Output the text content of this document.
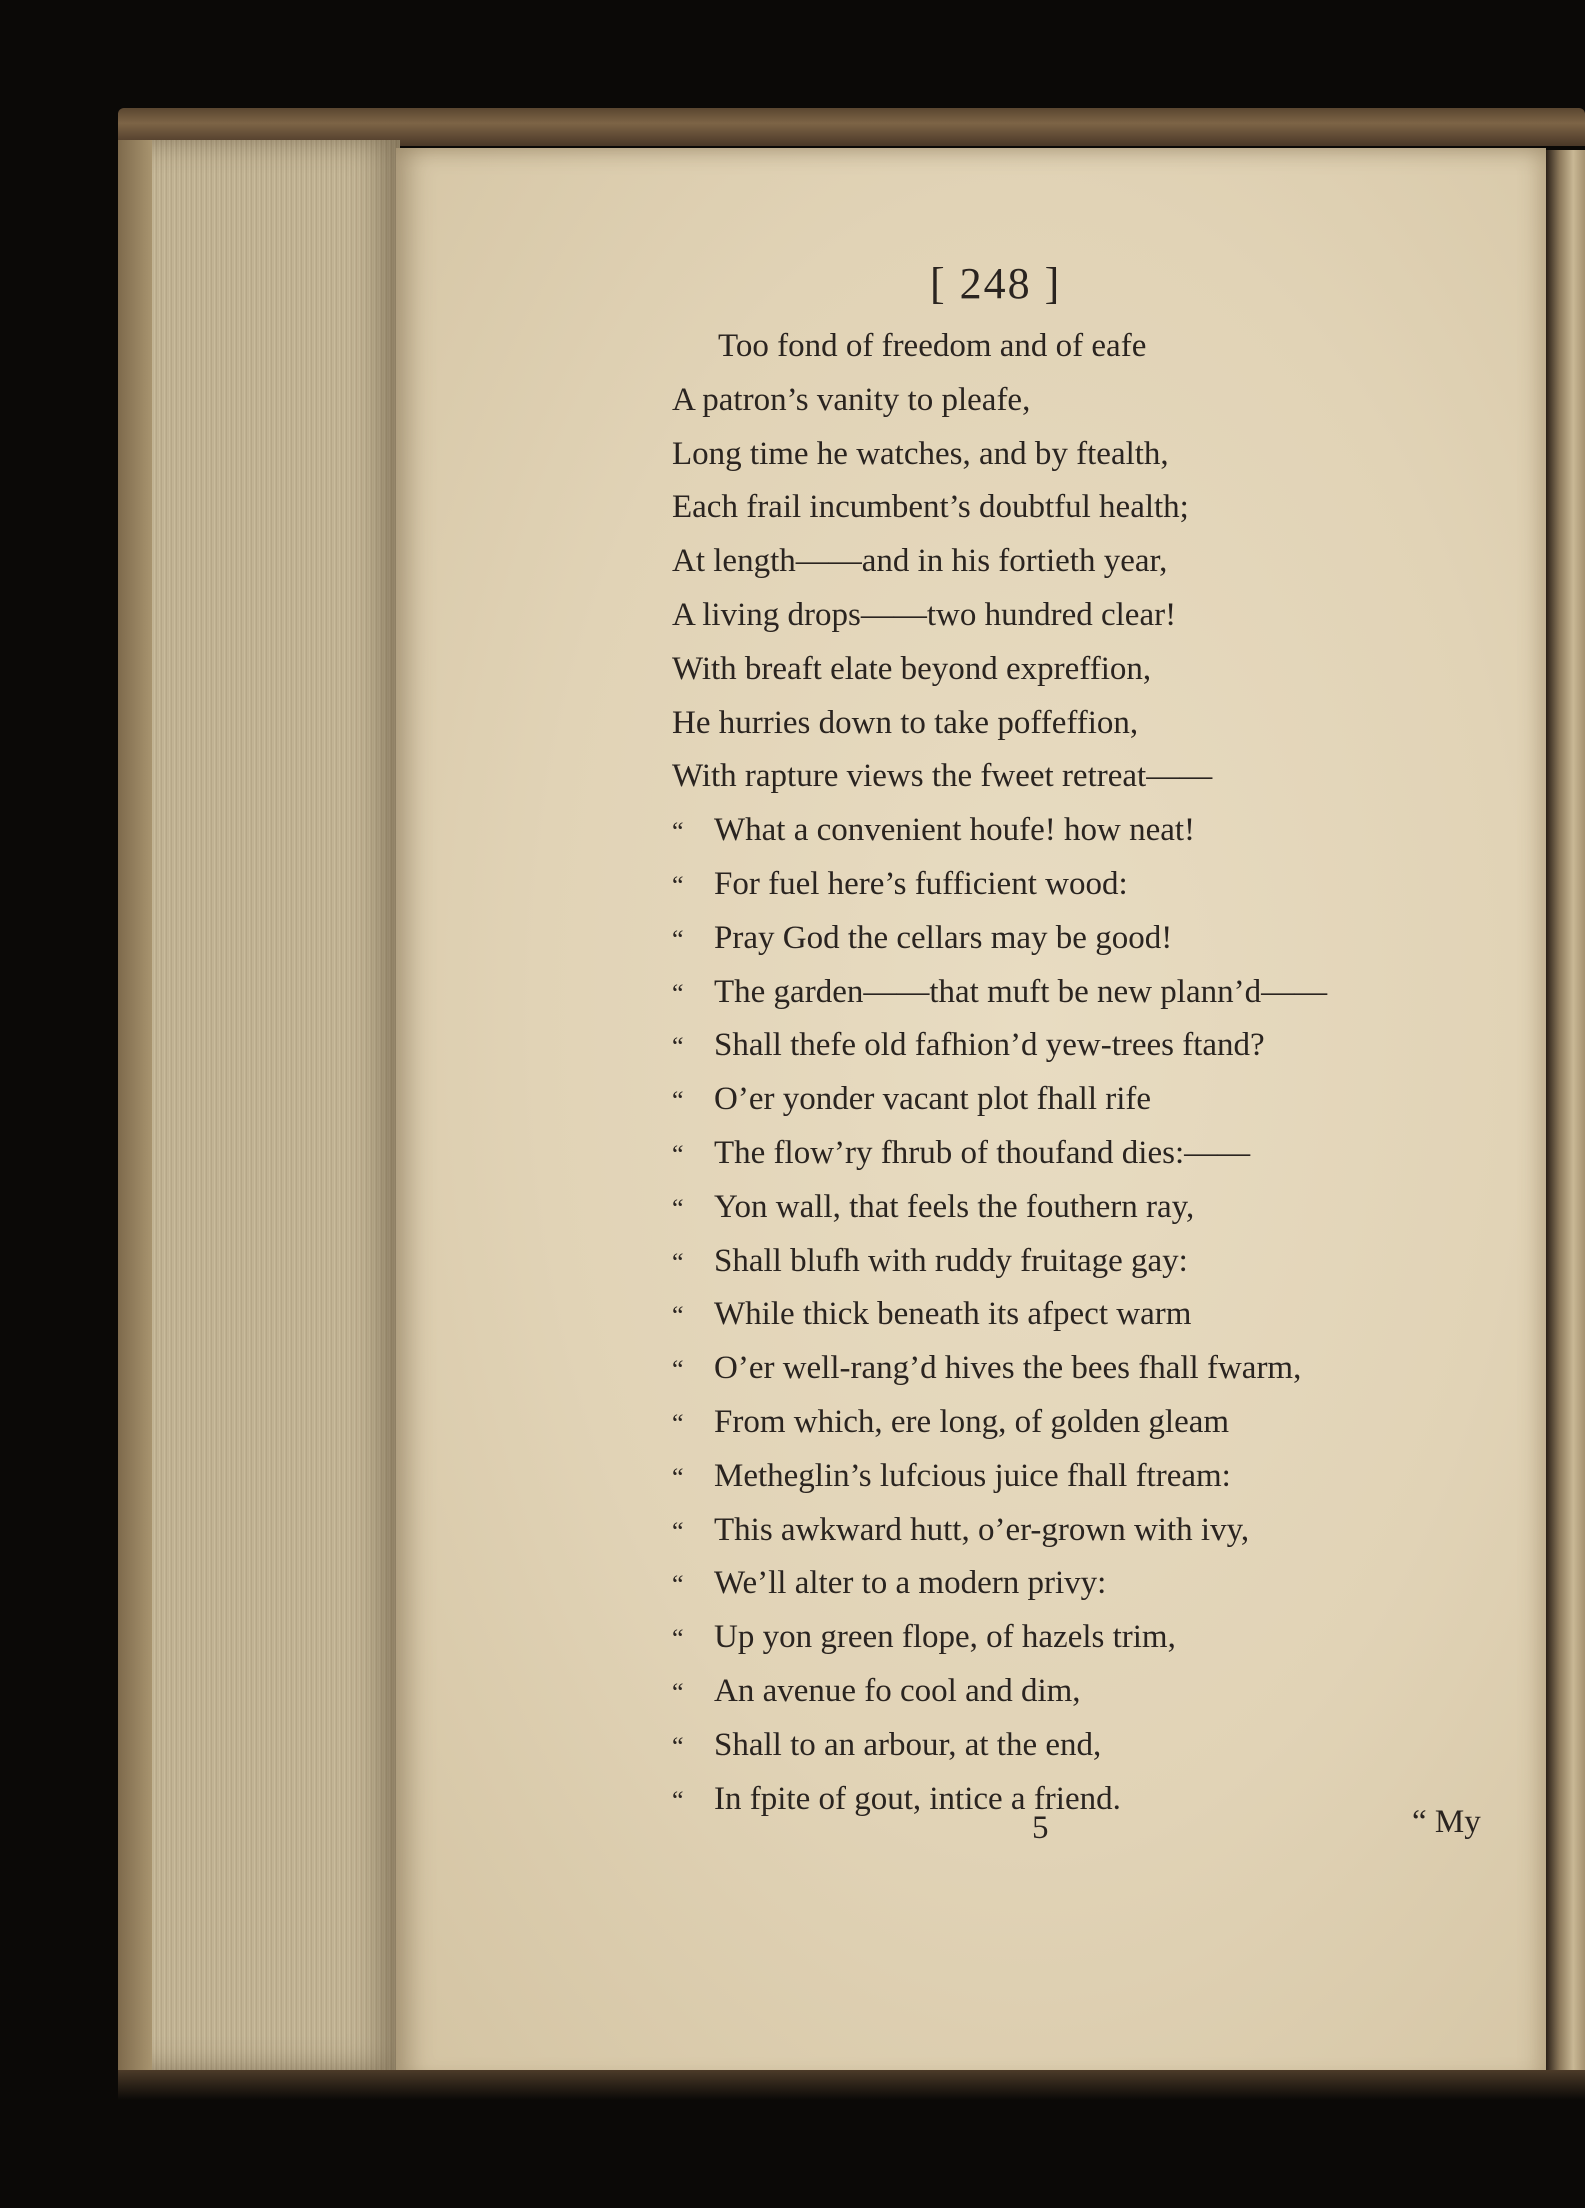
[ 248 ]
Too fond of freedom and of eafe
A patron’s vanity to pleafe,
Long time he watches, and by ftealth,
Each frail incumbent’s doubtful health;
At length——and in his fortieth year,
A living drops——two hundred clear!
With breaft elate beyond expreffion,
He hurries down to take poffeffion,
With rapture views the fweet retreat——
“ What a convenient houfe! how neat!
“ For fuel here’s fufficient wood:
“ Pray God the cellars may be good!
“ The garden——that muft be new plann’d——
“ Shall thefe old fafhion’d yew-trees ftand?
“ O’er yonder vacant plot fhall rife
“ The flow’ry fhrub of thoufand dies:——
“ Yon wall, that feels the fouthern ray,
“ Shall blufh with ruddy fruitage gay:
“ While thick beneath its afpect warm
“ O’er well-rang’d hives the bees fhall fwarm,
“ From which, ere long, of golden gleam
“ Metheglin’s lufcious juice fhall ftream:
“ This awkward hutt, o’er-grown with ivy,
“ We’ll alter to a modern privy:
“ Up yon green flope, of hazels trim,
“ An avenue fo cool and dim,
“ Shall to an arbour, at the end,
“ In fpite of gout, intice a friend.
5	“ My
